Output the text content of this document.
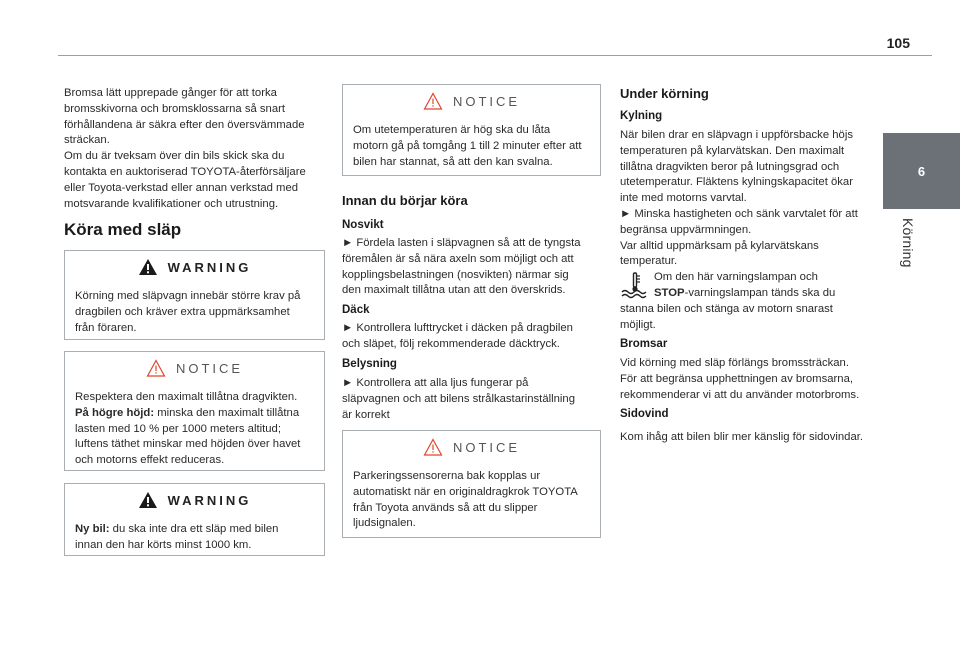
105
6
Körning
Bromsa lätt upprepade gånger för att torka
bromsskivorna och bromsklossarna så snart
förhållandena är säkra efter den översvämmade
sträckan.
Om du är tveksam över din bils skick ska du
kontakta en auktoriserad TOYOTA-återförsäljare
eller Toyota-verkstad eller annan verkstad med
motsvarande kvalifikationer och utrustning.
Köra med släp
WARNING
Körning med släpvagn innebär större krav på
dragbilen och kräver extra uppmärksamhet
från föraren.
NOTICE
Respektera den maximalt tillåtna dragvikten.
På högre höjd: minska den maximalt tillåtna
lasten med 10 % per 1000 meters altitud;
luftens täthet minskar med höjden över havet
och motorns effekt reduceras.
WARNING
Ny bil: du ska inte dra ett släp med bilen
innan den har körts minst 1000 km.
NOTICE
Om utetemperaturen är hög ska du låta
motorn gå på tomgång 1 till 2 minuter efter att
bilen har stannat, så att den kan svalna.
Innan du börjar köra
Nosvikt
► Fördela lasten i släpvagnen så att de tyngsta
föremålen är så nära axeln som möjligt och att
kopplingsbelastningen (nosvikten) närmar sig
den maximalt tillåtna utan att den överskrids.
Däck
► Kontrollera lufttrycket i däcken på dragbilen
och släpet, följ rekommenderade däcktryck.
Belysning
► Kontrollera att alla ljus fungerar på
släpvagnen och att bilens strålkastarinställning
är korrekt
NOTICE
Parkeringssensorerna bak kopplas ur
automatiskt när en originaldragkrok TOYOTA
från Toyota används så att du slipper
ljudsignalen.
Under körning
Kylning
När bilen drar en släpvagn i uppförsbacke höjs
temperaturen på kylarvätskan. Den maximalt
tillåtna dragvikten beror på lutningsgrad och
utetemperatur. Fläktens kylningskapacitet ökar
inte med motorns varvtal.
► Minska hastigheten och sänk varvtalet för att
begränsa uppvärmningen.
Var alltid uppmärksam på kylarvätskans
temperatur.
Om den här varningslampan och
STOP-varningslampan tänds ska du
stanna bilen och stänga av motorn snarast
möjligt.
Bromsar
Vid körning med släp förlängs bromssträckan.
För att begränsa upphettningen av bromsarna,
rekommenderar vi att du använder motorbroms.
Sidovind
Kom ihåg att bilen blir mer känslig för sidovindar.
